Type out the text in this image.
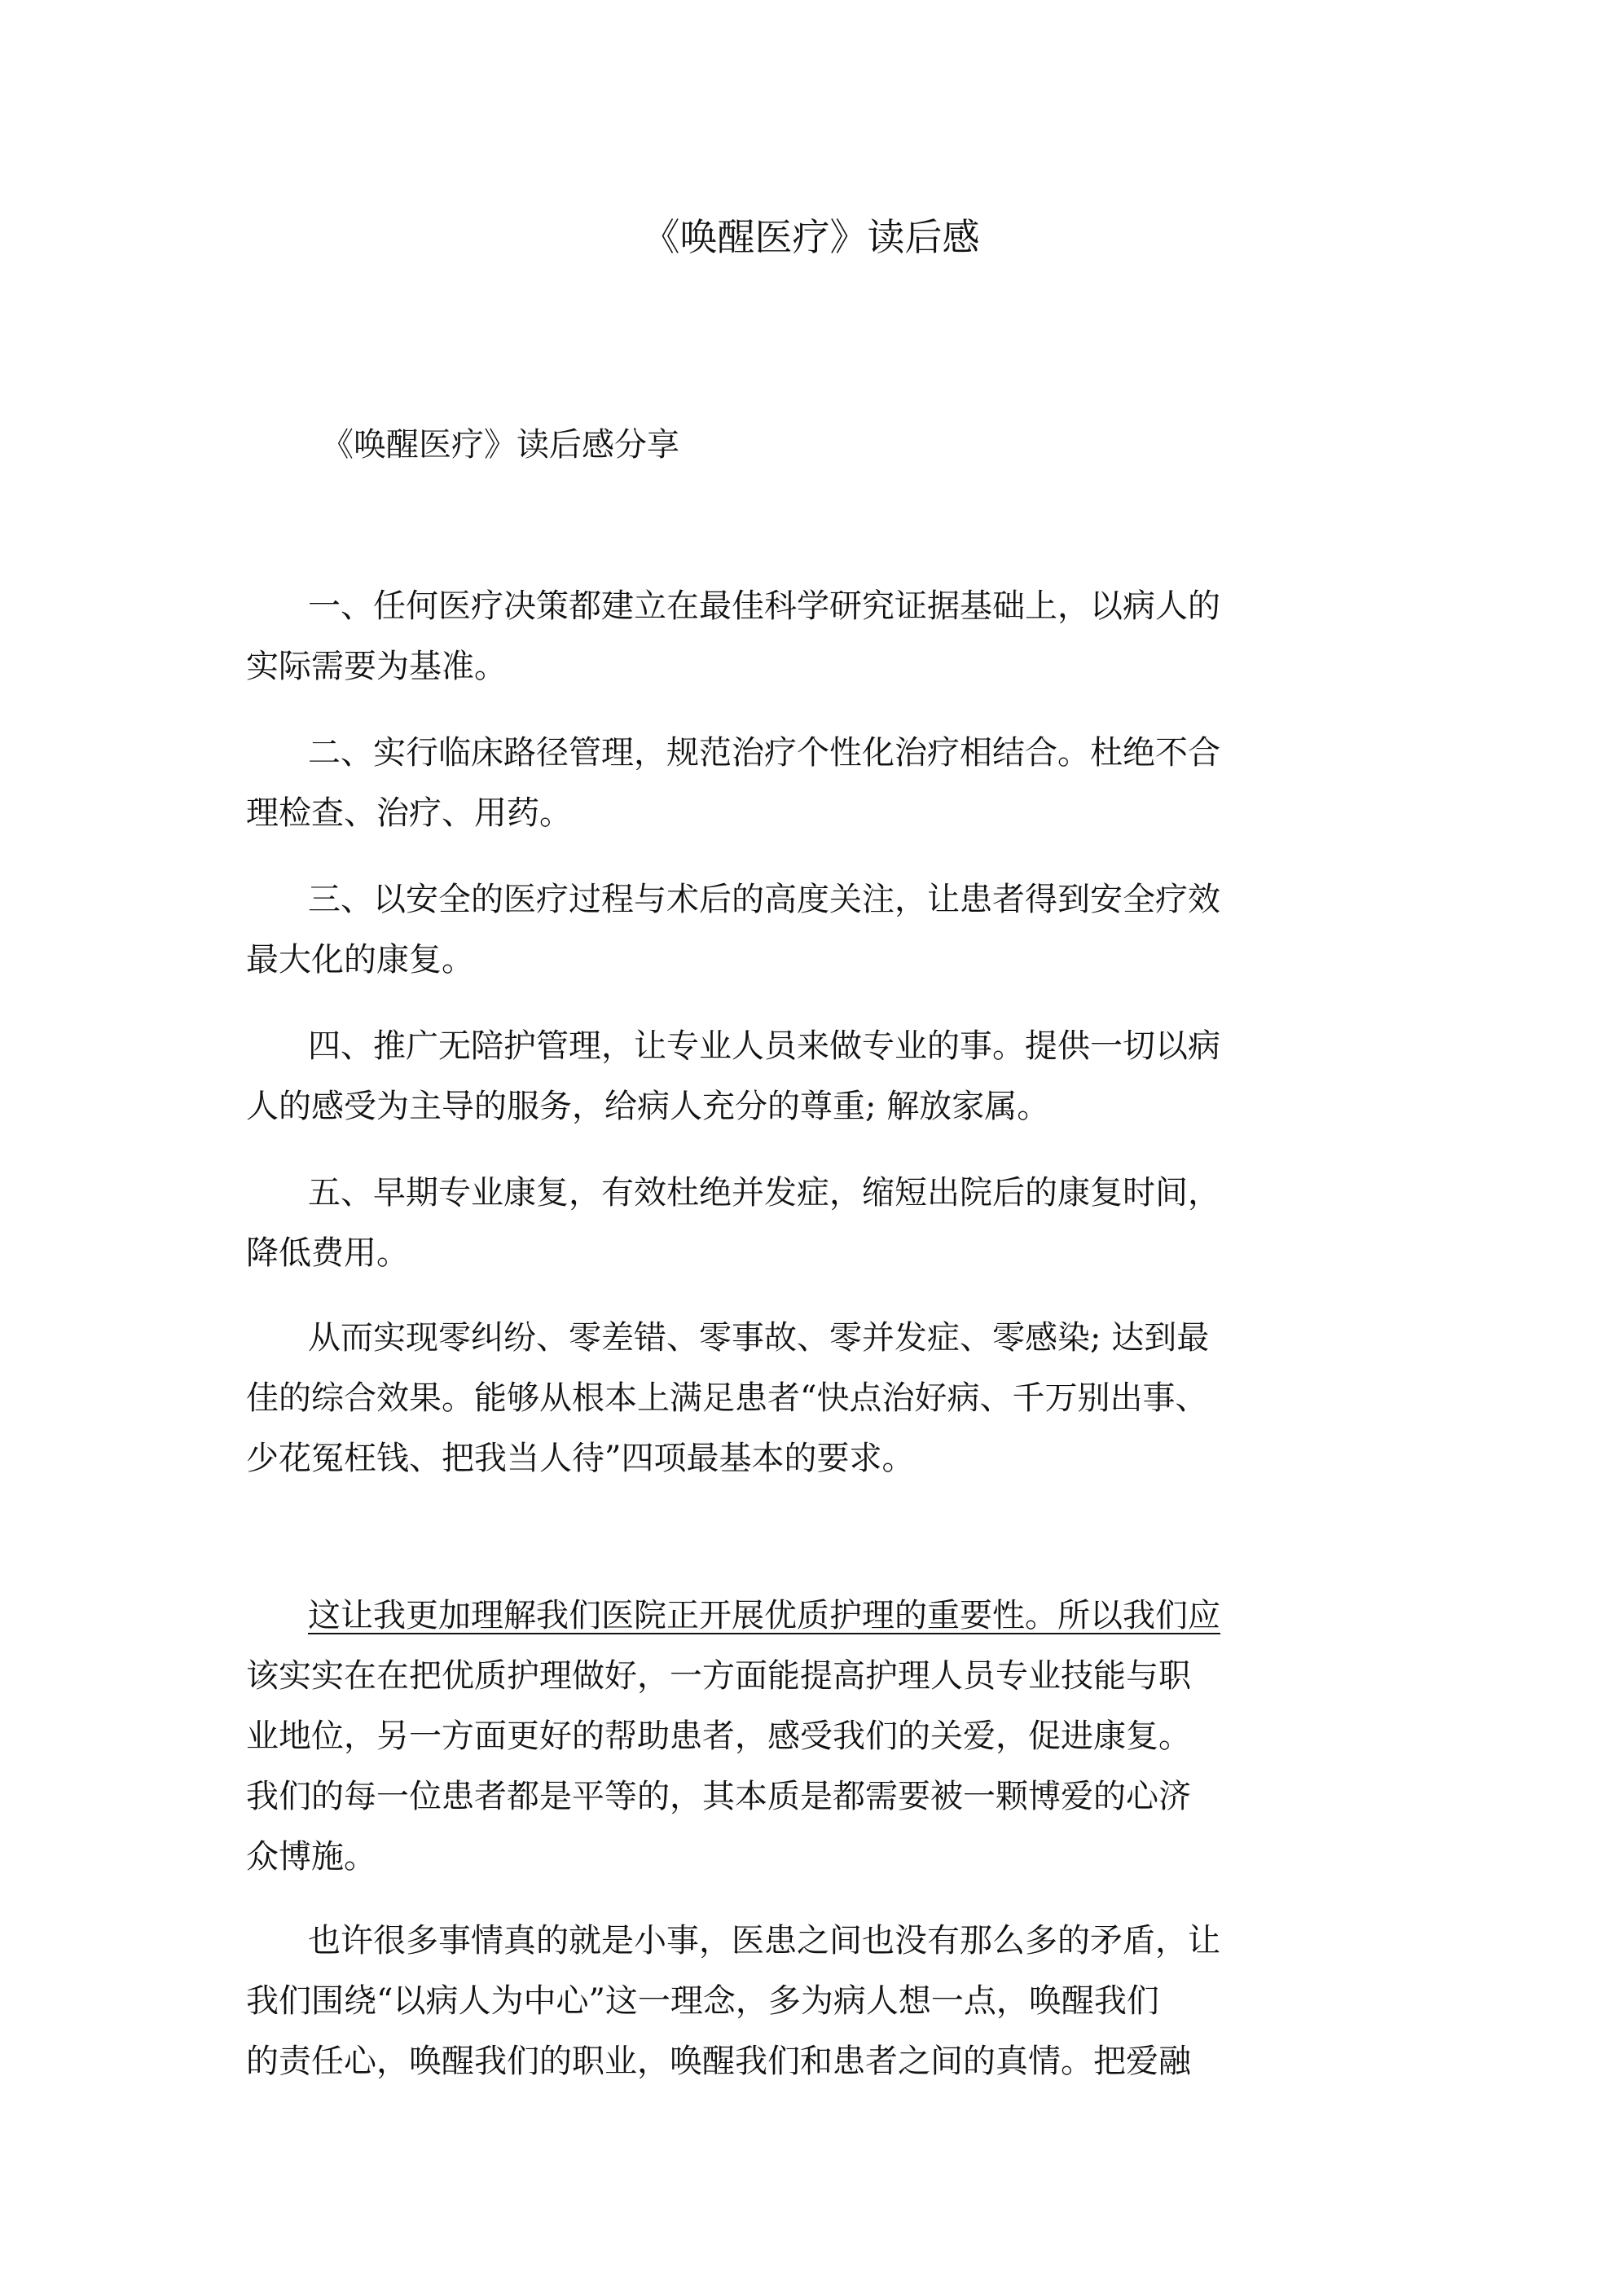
《唤醒医疗》读后感
《唤醒医疗》读后感分享
一、任何医疗决策都建立在最佳科学研究证据基础上，以病人的
实际需要为基准。
二、实行临床路径管理，规范治疗个性化治疗相结合。杜绝不合
理检查、治疗、用药。
三、以安全的医疗过程与术后的高度关注，让患者得到安全疗效
最大化的康复。
四、推广无陪护管理，让专业人员来做专业的事。提供一切以病
人的感受为主导的服务，给病人充分的尊重; 解放家属。
五、早期专业康复，有效杜绝并发症，缩短出院后的康复时间，
降低费用。
从而实现零纠纷、零差错、零事故、零并发症、零感染; 达到最
佳的综合效果。能够从根本上满足患者“快点治好病、千万别出事、
少花冤枉钱、把我当人待”四项最基本的要求。
这让我更加理解我们医院正开展优质护理的重要性。所以我们应
该实实在在把优质护理做好，一方面能提高护理人员专业技能与职
业地位，另一方面更好的帮助患者，感受我们的关爱，促进康复。
我们的每一位患者都是平等的，其本质是都需要被一颗博爱的心济
众博施。
也许很多事情真的就是小事，医患之间也没有那么多的矛盾，让
我们围绕“以病人为中心”这一理念，多为病人想一点，唤醒我们
的责任心，唤醒我们的职业，唤醒我们和患者之间的真情。把爱融
